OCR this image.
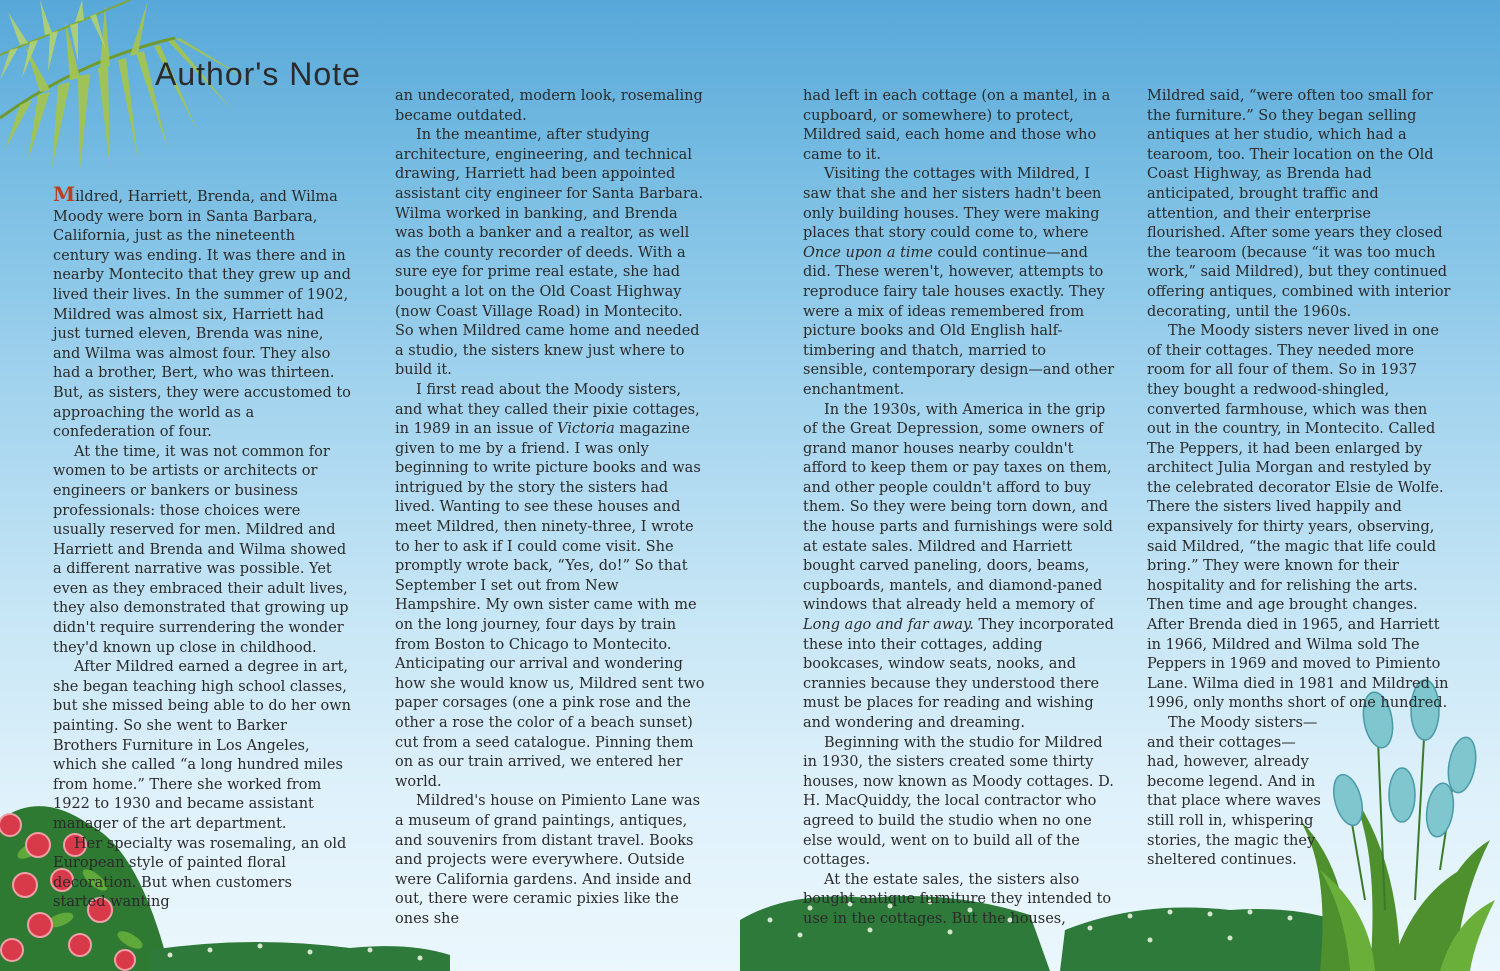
Author's Note

Mildred, Harriett, Brenda, and Wilma Moody were born in Santa Barbara, California, just as the nineteenth century was ending. It was there and in nearby Montecito that they grew up and lived their lives. In the summer of 1902, Mildred was almost six, Harriett had just turned eleven, Brenda was nine, and Wilma was almost four. They also had a brother, Bert, who was thirteen. But, as sisters, they were accustomed to approaching the world as a confederation of four.

At the time, it was not common for women to be artists or architects or engineers or bankers or business professionals: those choices were usually reserved for men. Mildred and Harriett and Brenda and Wilma showed a different narrative was possible. Yet even as they embraced their adult lives, they also demonstrated that growing up didn't require surrendering the wonder they'd known up close in childhood.

After Mildred earned a degree in art, she began teaching high school classes, but she missed being able to do her own painting. So she went to Barker Brothers Furniture in Los Angeles, which she called “a long hundred miles from home.” There she worked from 1922 to 1930 and became assistant manager of the art department.

Her specialty was rosemaling, an old European style of painted floral decoration. But when customers started wanting

an undecorated, modern look, rosemaling became outdated.

In the meantime, after studying architecture, engineering, and technical drawing, Harriett had been appointed assistant city engineer for Santa Barbara. Wilma worked in banking, and Brenda was both a banker and a realtor, as well as the county recorder of deeds. With a sure eye for prime real estate, she had bought a lot on the Old Coast Highway (now Coast Village Road) in Montecito. So when Mildred came home and needed a studio, the sisters knew just where to build it.

I first read about the Moody sisters, and what they called their pixie cottages, in 1989 in an issue of Victoria magazine given to me by a friend. I was only beginning to write picture books and was intrigued by the story the sisters had lived. Wanting to see these houses and meet Mildred, then ninety-three, I wrote to her to ask if I could come visit. She promptly wrote back, “Yes, do!” So that September I set out from New Hampshire. My own sister came with me on the long journey, four days by train from Boston to Chicago to Montecito. Anticipating our arrival and wondering how she would know us, Mildred sent two paper corsages (one a pink rose and the other a rose the color of a beach sunset) cut from a seed catalogue. Pinning them on as our train arrived, we entered her world.

Mildred's house on Pimiento Lane was a museum of grand paintings, antiques, and souvenirs from distant travel. Books and projects were everywhere. Outside were California gardens. And inside and out, there were ceramic pixies like the ones she

had left in each cottage (on a mantel, in a cupboard, or somewhere) to protect, Mildred said, each home and those who came to it.

Visiting the cottages with Mildred, I saw that she and her sisters hadn't been only building houses. They were making places that story could come to, where Once upon a time could continue—and did. These weren't, however, attempts to reproduce fairy tale houses exactly. They were a mix of ideas remembered from picture books and Old English half-timbering and thatch, married to sensible, contemporary design—and other enchantment.

In the 1930s, with America in the grip of the Great Depression, some owners of grand manor houses nearby couldn't afford to keep them or pay taxes on them, and other people couldn't afford to buy them. So they were being torn down, and the house parts and furnishings were sold at estate sales. Mildred and Harriett bought carved paneling, doors, beams, cupboards, mantels, and diamond-paned windows that already held a memory of Long ago and far away. They incorporated these into their cottages, adding bookcases, window seats, nooks, and crannies because they understood there must be places for reading and wishing and wondering and dreaming.

Beginning with the studio for Mildred in 1930, the sisters created some thirty houses, now known as Moody cottages. D. H. MacQuiddy, the local contractor who agreed to build the studio when no one else would, went on to build all of the cottages.

At the estate sales, the sisters also bought antique furniture they intended to use in the cottages. But the houses,

Mildred said, “were often too small for the furniture.” So they began selling antiques at her studio, which had a tearoom, too. Their location on the Old Coast Highway, as Brenda had anticipated, brought traffic and attention, and their enterprise flourished. After some years they closed the tearoom (because “it was too much work,” said Mildred), but they continued offering antiques, combined with interior decorating, until the 1960s.

The Moody sisters never lived in one of their cottages. They needed more room for all four of them. So in 1937 they bought a redwood-shingled, converted farmhouse, which was then out in the country, in Montecito. Called The Peppers, it had been enlarged by architect Julia Morgan and restyled by the celebrated decorator Elsie de Wolfe. There the sisters lived happily and expansively for thirty years, observing, said Mildred, “the magic that life could bring.” They were known for their hospitality and for relishing the arts. Then time and age brought changes. After Brenda died in 1965, and Harriett in 1966, Mildred and Wilma sold The Peppers in 1969 and moved to Pimiento Lane. Wilma died in 1981 and Mildred in 1996, only months short of one hundred.

The Moody sisters—and their cottages—had, however, already become legend. And in that place where waves still roll in, whispering stories, the magic they sheltered continues.
